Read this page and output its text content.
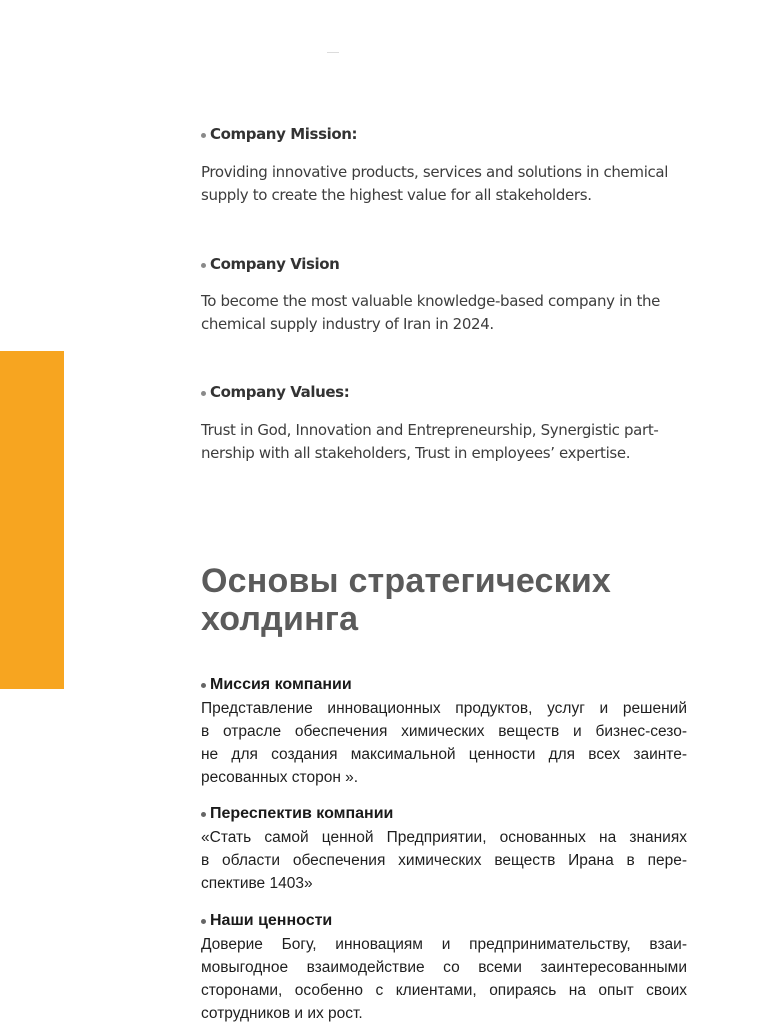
Company Mission:

Providing innovative products, services and solutions in chemical
supply to create the highest value for all stakeholders.

Company Vision

To become the most valuable knowledge-based company in the
chemical supply industry of Iran in 2024.

Company Values:

Trust in God, Innovation and Entrepreneurship, Synergistic part-
nership with all stakeholders, Trust in employees’ expertise.

Основы стратегических
холдинга
Миссия компании

Представление инновационных продуктов, услуг и решений
в отрасле обеспечения химических веществ и бизнес-сезо-
не для создания максимальной ценности для всех заинте-
ресованных сторон ».

Переспектив компании

«Стать самой ценной Предприятии, основанных на знаниях
в области обеспечения химических веществ Ирана в пере-
спективе 1403»

Наши ценности

Доверие Богу, инновациям и предпринимательству, взаи-
мовыгодное взаимодействие со всеми заинтересованными
сторонами, особенно с клиентами, опираясь на опыт своих
сотрудников и их рост.
